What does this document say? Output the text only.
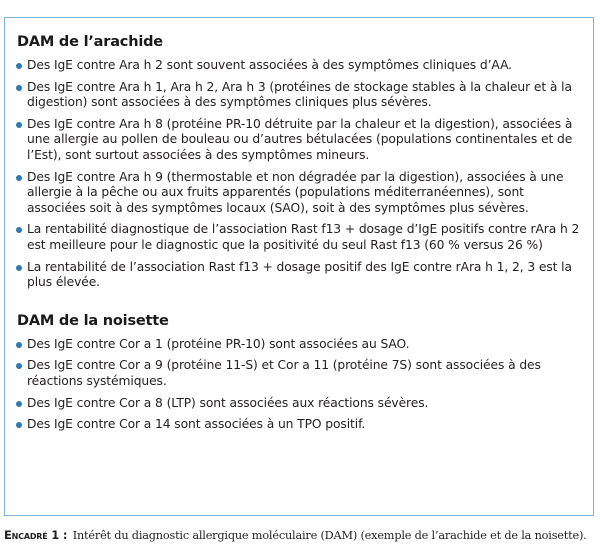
DAM de l’arachide
Des IgE contre Ara h 2 sont souvent associées à des symptômes cliniques d’AA.
Des IgE contre Ara h 1, Ara h 2, Ara h 3 (protéines de stockage stables à la chaleur et à la digestion) sont associées à des symptômes cliniques plus sévères.
Des IgE contre Ara h 8 (protéine PR-10 détruite par la chaleur et la digestion), associées à une allergie au pollen de bouleau ou d’autres bétulacées (populations continentales et de l’Est), sont surtout associées à des symptômes mineurs.
Des IgE contre Ara h 9 (thermostable et non dégradée par la digestion), associées à une allergie à la pêche ou aux fruits apparentés (populations méditerranéennes), sont associées soit à des symptômes locaux (SAO), soit à des symptômes plus sévères.
La rentabilité diagnostique de l’association Rast f13 + dosage d’IgE positifs contre rAra h 2 est meilleure pour le diagnostic que la positivité du seul Rast f13 (60 % versus 26 %)
La rentabilité de l’association Rast f13 + dosage positif des IgE contre rAra h 1, 2, 3 est la plus élevée.
DAM de la noisette
Des IgE contre Cor a 1 (protéine PR-10) sont associées au SAO.
Des IgE contre Cor a 9 (protéine 11-S) et Cor a 11 (protéine 7S) sont associées à des réactions systémiques.
Des IgE contre Cor a 8 (LTP) sont associées aux réactions sévères.
Des IgE contre Cor a 14 sont associées à un TPO positif.
Encadré 1 : Intérêt du diagnostic allergique moléculaire (DAM) (exemple de l’arachide et de la noisette).
